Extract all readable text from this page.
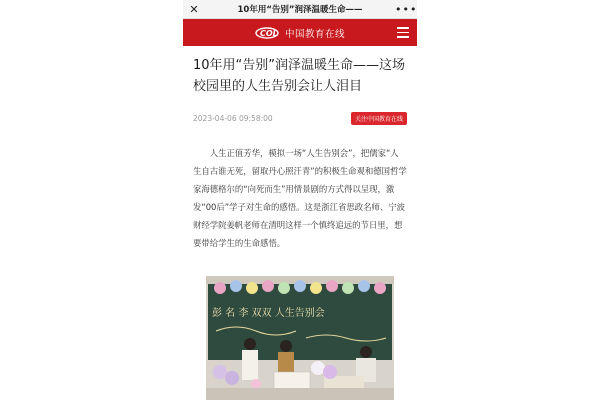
✕	10年用“告别”润泽温暖生命——	•••
COL 中国教育在线
10年用“告别”润泽温暖生命——这场校园里的人生告别会让人泪目
2023-04-06 09:58:00	关注中国教育在线

人生正值芳华，模拟一场“人生告别会”，把儒家“人生自古谁无死，留取丹心照汗青”的积极生命观和德国哲学家海德格尔的“向死而生”用情景剧的方式得以呈现，激发“00后”学子对生命的感悟。这是浙江省思政名师、宁波财经学院姜帆老师在清明这样一个慎终追远的节日里，想要带给学生的生命感悟。

彭 名 李 双双 人生告别会
